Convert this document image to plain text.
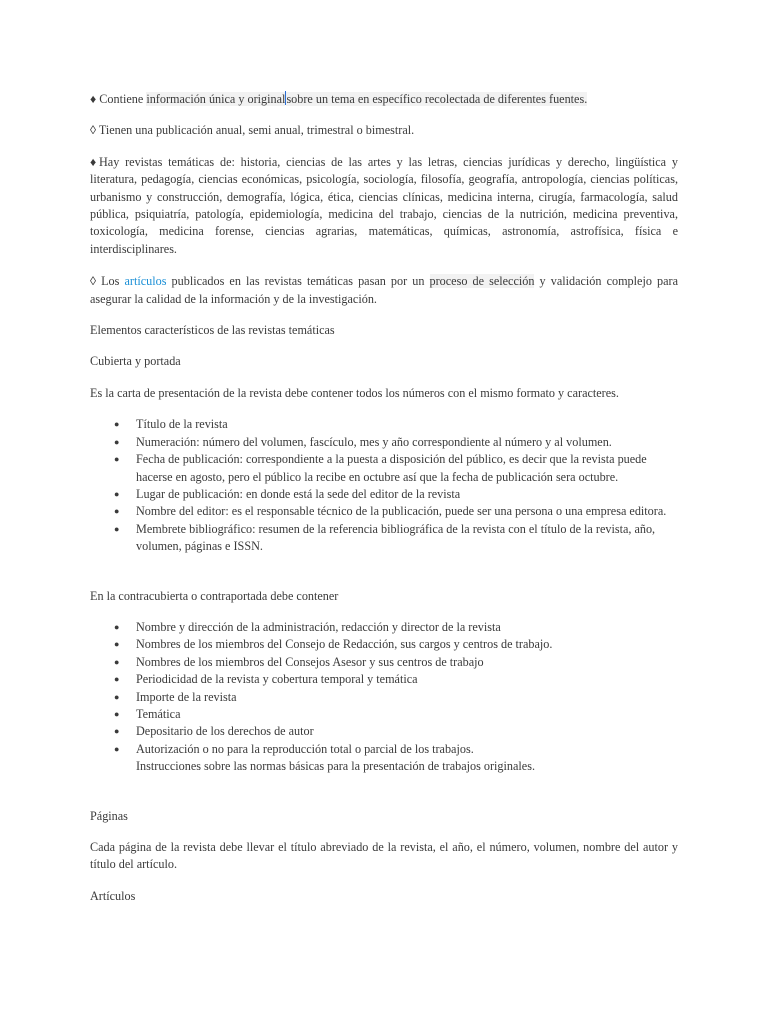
♦ Contiene información única y originalsobre un tema en específico recolectada de diferentes fuentes.

◊ Tienen una publicación anual, semi anual, trimestral o bimestral.

♦Hay revistas temáticas de: historia, ciencias de las artes y las letras, ciencias jurídicas y derecho, lingüística y literatura, pedagogía, ciencias económicas, psicología, sociología, filosofía, geografía, antropología, ciencias políticas, urbanismo y construcción, demografía, lógica, ética, ciencias clínicas, medicina interna, cirugía, farmacología, salud pública, psiquiatría, patología, epidemiología, medicina del trabajo, ciencias de la nutrición, medicina preventiva, toxicología, medicina forense, ciencias agrarias, matemáticas, químicas, astronomía, astrofísica, física e interdisciplinares.

◊ Los artículos publicados en las revistas temáticas pasan por un proceso de selección y validación complejo para asegurar la calidad de la información y de la investigación.

Elementos característicos de las revistas temáticas

Cubierta y portada

Es la carta de presentación de la revista debe contener todos los números con el mismo formato y caracteres.

● Título de la revista
● Numeración: número del volumen, fascículo, mes y año correspondiente al número y al volumen.
● Fecha de publicación: correspondiente a la puesta a disposición del público, es decir que la revista puede hacerse en agosto, pero el público la recibe en octubre así que la fecha de publicación sera octubre.
● Lugar de publicación: en donde está la sede del editor de la revista
● Nombre del editor: es el responsable técnico de la publicación, puede ser una persona o una empresa editora.
● Membrete bibliográfico: resumen de la referencia bibliográfica de la revista con el título de la revista, año, volumen, páginas e ISSN.

En la contracubierta o contraportada debe contener

● Nombre y dirección de la administración, redacción y director de la revista
● Nombres de los miembros del Consejo de Redacción, sus cargos y centros de trabajo.
● Nombres de los miembros del Consejos Asesor y sus centros de trabajo
● Periodicidad de la revista y cobertura temporal y temática
● Importe de la revista
● Temática
● Depositario de los derechos de autor
● Autorización o no para la reproducción total o parcial de los trabajos.

Instrucciones sobre las normas básicas para la presentación de trabajos originales.

Páginas

Cada página de la revista debe llevar el título abreviado de la revista, el año, el número, volumen, nombre del autor y título del artículo.

Artículos
